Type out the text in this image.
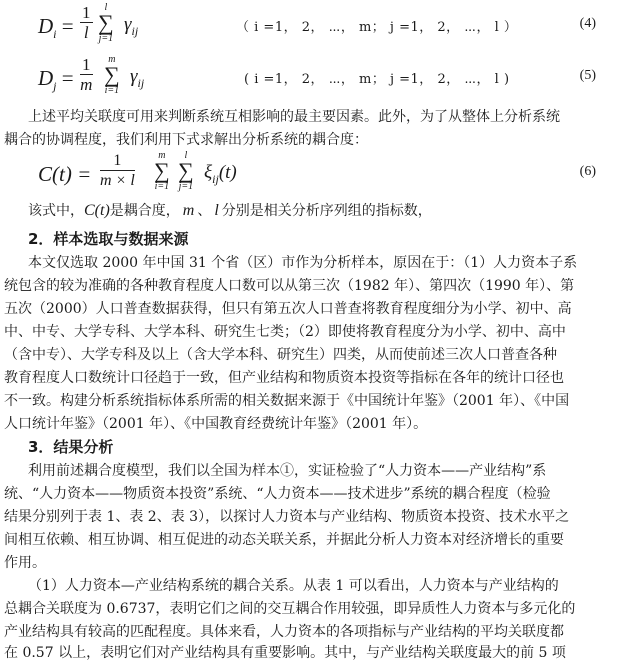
$D_i = \frac{1}{l}$	l
∑
j=1
$\gamma_{ij}$	（ i =1， 2， ⋯， m； j =1， 2， ⋯， l ）	(4)
$D_j = \frac{1}{m}$	m
∑
i=1
$\gamma_{ij}$	( i =1， 2， ⋯， m； j =1， 2， ⋯， l )	(5)
上述平均关联度可用来判断系统互相影响的最主要因素。此外，为了从整体上分析系统
耦合的协调程度，我们利用下式求解出分析系统的耦合度：
$C(t) = \frac{1}{m \times l}$	m
∑
i=1
l
∑
j=1
$\xi_{ij}(t)$	(6)
该式中，C(t)是耦合度， m 、 l 分别是相关分析序列组的指标数，
2．样本选取与数据来源
本文仅选取 2000 年中国 31 个省（区）市作为分析样本，原因在于：（1）人力资本子系
统包含的较为准确的各种教育程度人口数可以从第三次（1982 年）、第四次（1990 年）、第
五次（2000）人口普查数据获得，但只有第五次人口普查将教育程度细分为小学、初中、高
中、中专、大学专科、大学本科、研究生七类；（2）即使将教育程度分为小学、初中、高中
（含中专）、大学专科及以上（含大学本科、研究生）四类，从而使前述三次人口普查各种
教育程度人口数统计口径趋于一致，但产业结构和物质资本投资等指标在各年的统计口径也
不一致。构建分析系统指标体系所需的相关数据来源于《中国统计年鉴》（2001 年）、《中国
人口统计年鉴》（2001 年）、《中国教育经费统计年鉴》（2001 年）。
3．结果分析
利用前述耦合度模型，我们以全国为样本①，实证检验了“人力资本——产业结构”系
统、“人力资本——物质资本投资”系统、“人力资本——技术进步”系统的耦合程度（检验
结果分别列于表 1、表 2、表 3），以探讨人力资本与产业结构、物质资本投资、技术水平之
间相互依赖、相互协调、相互促进的动态关联关系，并据此分析人力资本对经济增长的重要
作用。
（1）人力资本—产业结构系统的耦合关系。从表 1 可以看出，人力资本与产业结构的
总耦合关联度为 0.6737，表明它们之间的交互耦合作用较强，即异质性人力资本与多元化的
产业结构具有较高的匹配程度。具体来看，人力资本的各项指标与产业结构的平均关联度都
在 0.57 以上，表明它们对产业结构具有重要影响。其中，与产业结构关联度最大的前 5 项
